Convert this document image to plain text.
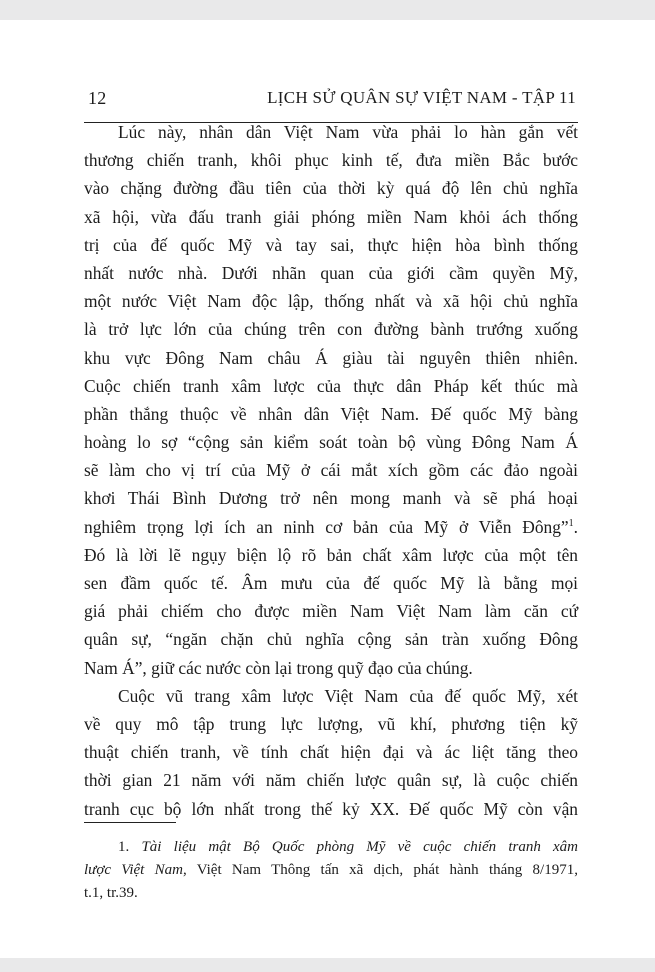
12	LỊCH SỬ QUÂN SỰ VIỆT NAM - TẬP 11
Lúc này, nhân dân Việt Nam vừa phải lo hàn gắn vết
thương chiến tranh, khôi phục kinh tế, đưa miền Bắc bước
vào chặng đường đầu tiên của thời kỳ quá độ lên chủ nghĩa
xã hội, vừa đấu tranh giải phóng miền Nam khỏi ách thống
trị của đế quốc Mỹ và tay sai, thực hiện hòa bình thống
nhất nước nhà. Dưới nhãn quan của giới cầm quyền Mỹ,
một nước Việt Nam độc lập, thống nhất và xã hội chủ nghĩa
là trở lực lớn của chúng trên con đường bành trướng xuống
khu vực Đông Nam châu Á giàu tài nguyên thiên nhiên.
Cuộc chiến tranh xâm lược của thực dân Pháp kết thúc mà
phần thắng thuộc về nhân dân Việt Nam. Đế quốc Mỹ bàng
hoàng lo sợ “cộng sản kiểm soát toàn bộ vùng Đông Nam Á
sẽ làm cho vị trí của Mỹ ở cái mắt xích gồm các đảo ngoài
khơi Thái Bình Dương trở nên mong manh và sẽ phá hoại
nghiêm trọng lợi ích an ninh cơ bản của Mỹ ở Viễn Đông”$^1$.
Đó là lời lẽ ngụy biện lộ rõ bản chất xâm lược của một tên
sen đầm quốc tế. Âm mưu của đế quốc Mỹ là bằng mọi
giá phải chiếm cho được miền Nam Việt Nam làm căn cứ
quân sự, “ngăn chặn chủ nghĩa cộng sản tràn xuống Đông
Nam Á”, giữ các nước còn lại trong quỹ đạo của chúng.
Cuộc vũ trang xâm lược Việt Nam của đế quốc Mỹ, xét
về quy mô tập trung lực lượng, vũ khí, phương tiện kỹ
thuật chiến tranh, về tính chất hiện đại và ác liệt tăng theo
thời gian 21 năm với năm chiến lược quân sự, là cuộc chiến
tranh cục bộ lớn nhất trong thế kỷ XX. Đế quốc Mỹ còn vận
1. Tài liệu mật Bộ Quốc phòng Mỹ về cuộc chiến tranh xâm
lược Việt Nam, Việt Nam Thông tấn xã dịch, phát hành tháng 8/1971,
t.1, tr.39.
